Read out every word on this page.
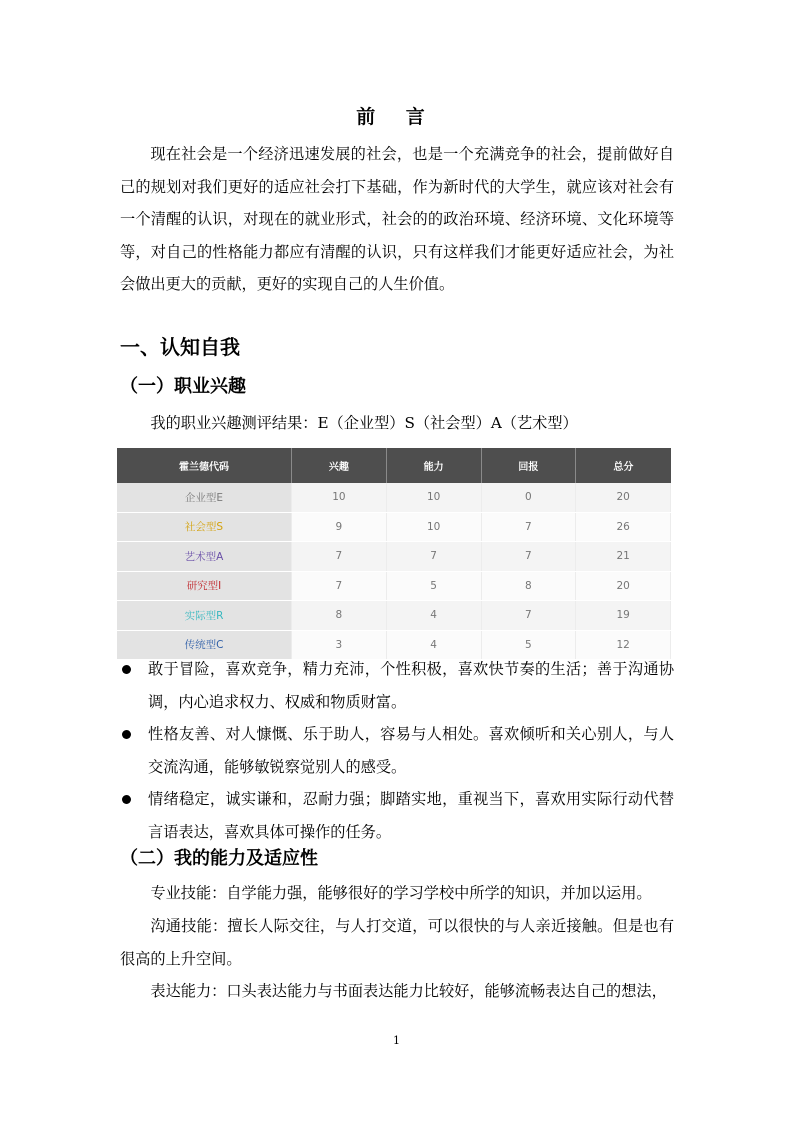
前 言

现在社会是一个经济迅速发展的社会，也是一个充满竞争的社会，提前做好自己的规划对我们更好的适应社会打下基础，作为新时代的大学生，就应该对社会有一个清醒的认识，对现在的就业形式，社会的的政治环境、经济环境、文化环境等等，对自己的性格能力都应有清醒的认识，只有这样我们才能更好适应社会，为社会做出更大的贡献，更好的实现自己的人生价值。

一、认知自我
（一）职业兴趣
我的职业兴趣测评结果：E（企业型）S（社会型）A（艺术型）
霍兰德代码	兴趣	能力	回报	总分
企业型E	10	10	0	20
社会型S	9	10	7	26
艺术型A	7	7	7	21
研究型I	7	5	8	20
实际型R	8	4	7	19
传统型C	3	4	5	12
敢于冒险，喜欢竞争，精力充沛，个性积极，喜欢快节奏的生活；善于沟通协调，内心追求权力、权威和物质财富。
性格友善、对人慷慨、乐于助人，容易与人相处。喜欢倾听和关心别人，与人交流沟通，能够敏锐察觉别人的感受。
情绪稳定，诚实谦和，忍耐力强；脚踏实地，重视当下，喜欢用实际行动代替言语表达，喜欢具体可操作的任务。
（二）我的能力及适应性

专业技能：自学能力强，能够很好的学习学校中所学的知识，并加以运用。

沟通技能：擅长人际交往，与人打交道，可以很快的与人亲近接触。但是也有很高的上升空间。

表达能力：口头表达能力与书面表达能力比较好，能够流畅表达自己的想法，

1
